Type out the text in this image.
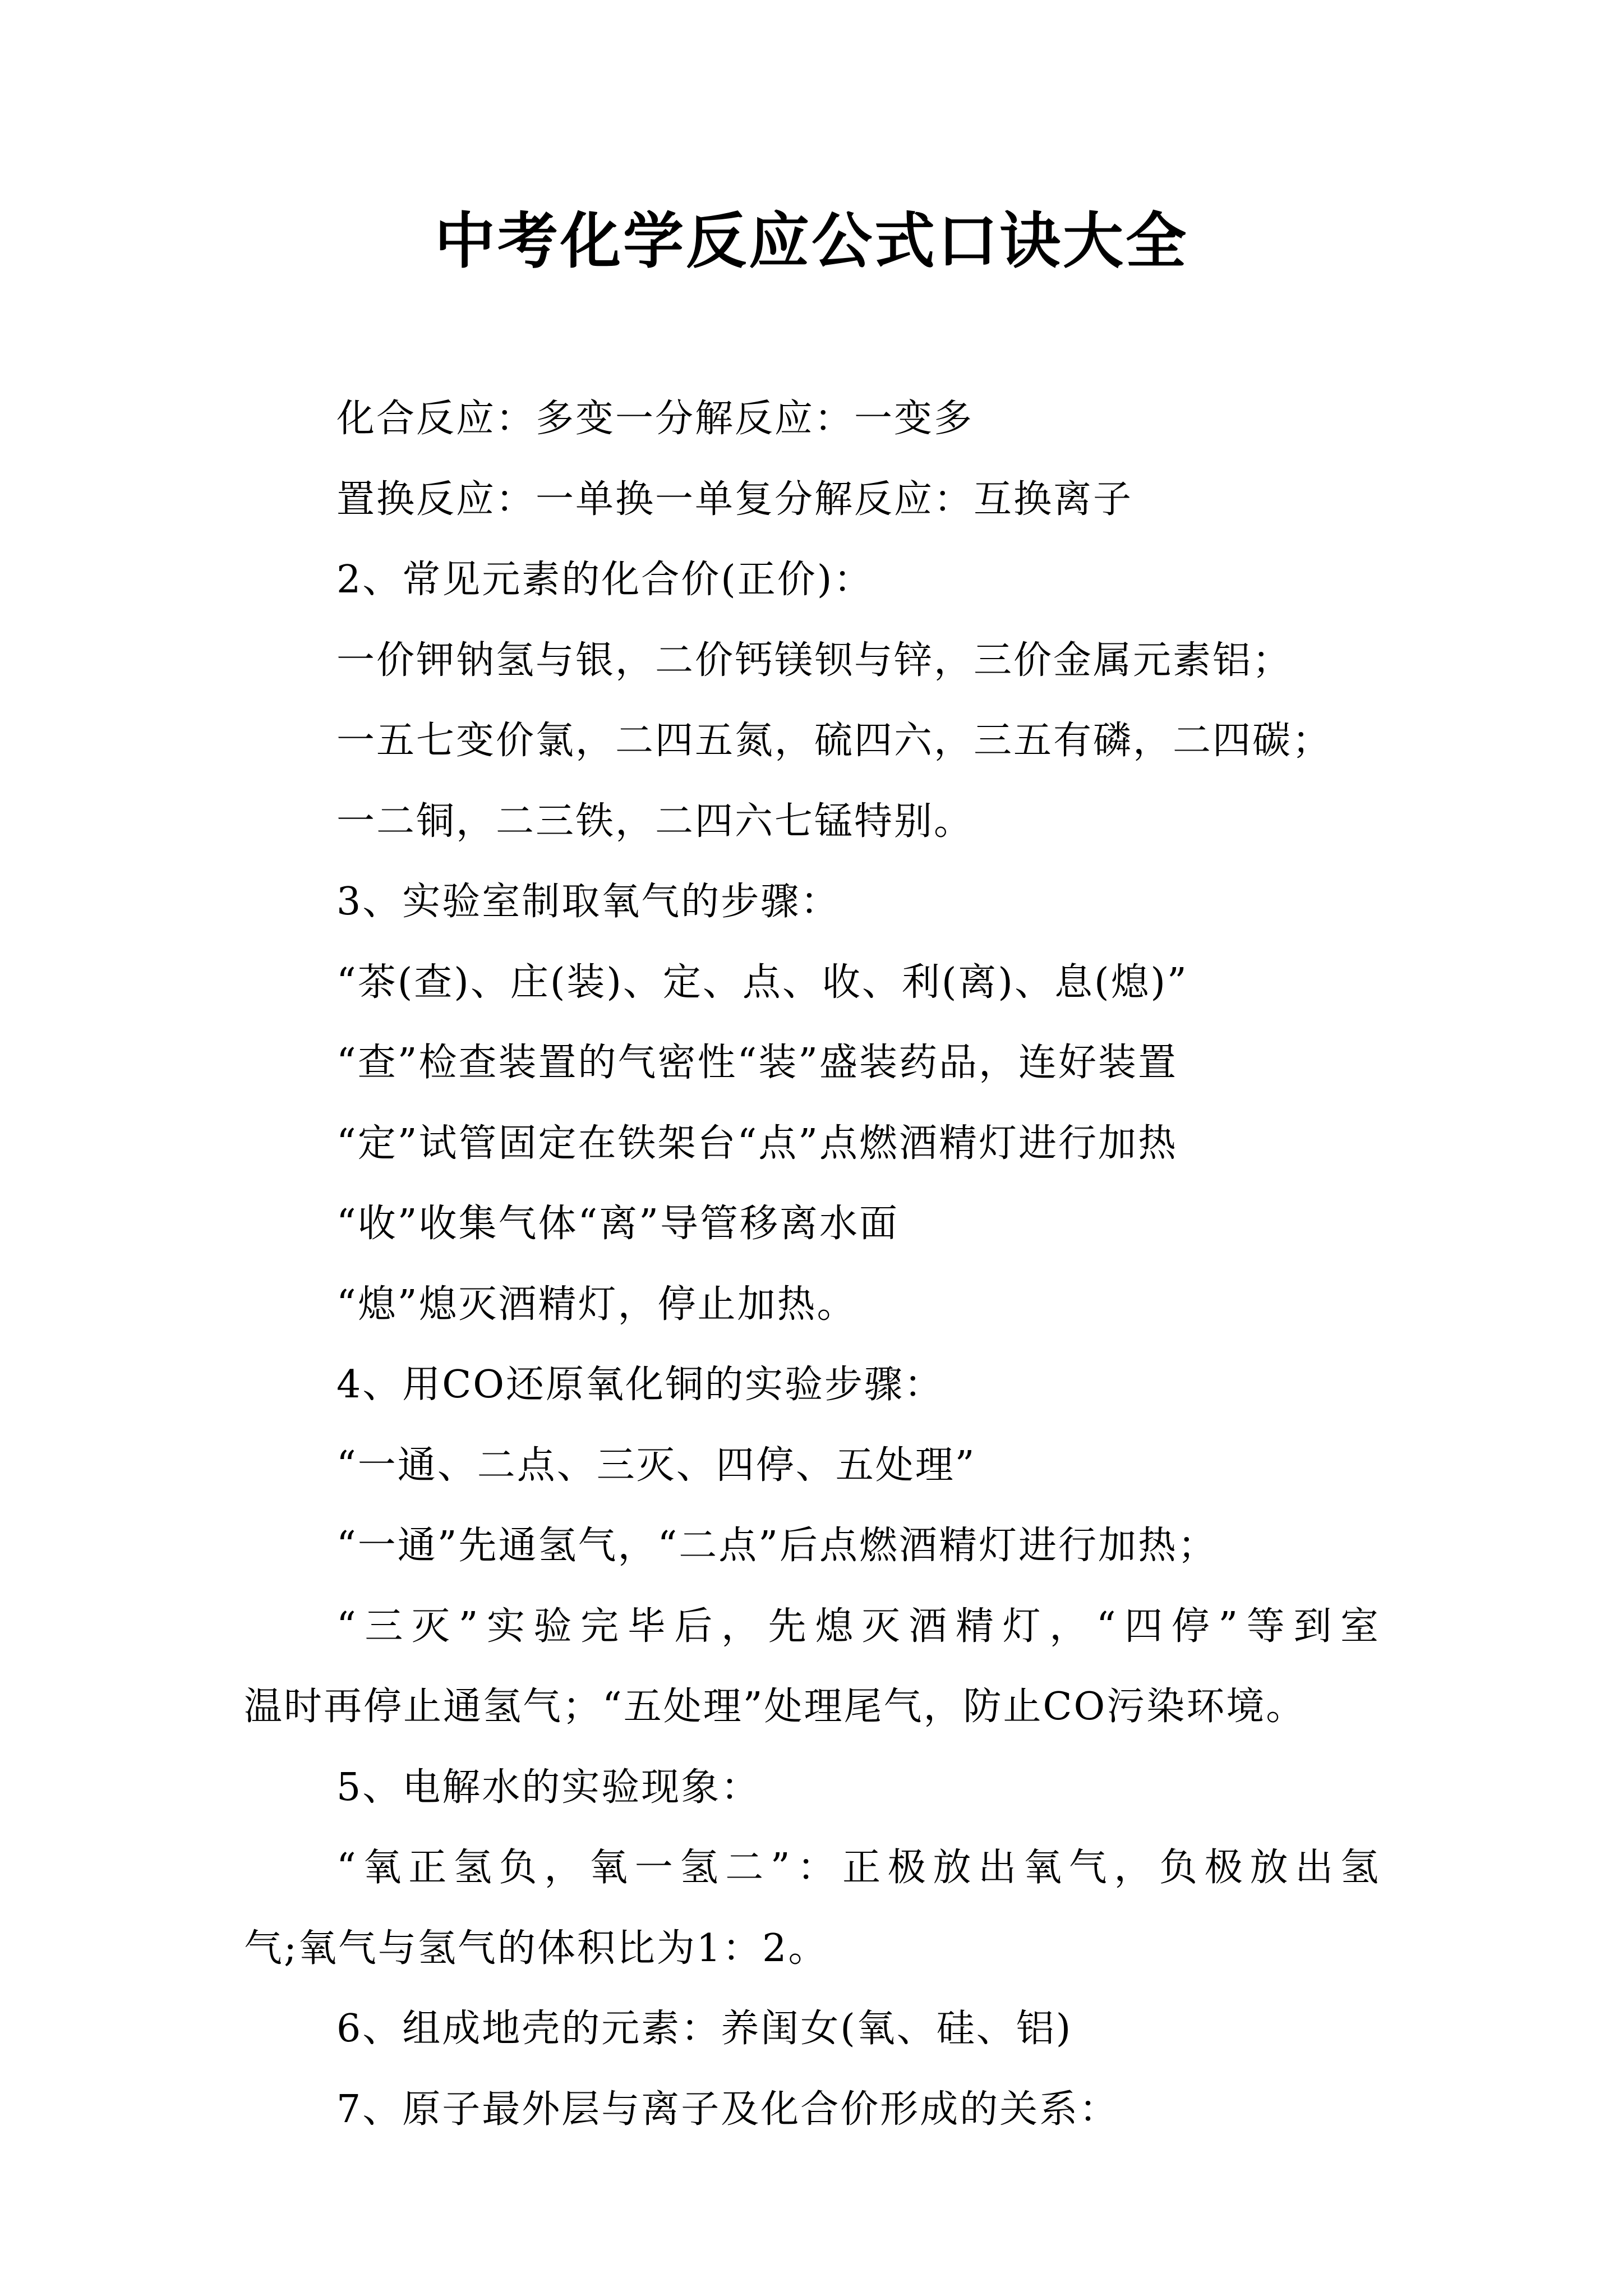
中考化学反应公式口诀大全
化合反应：多变一分解反应：一变多
置换反应：一单换一单复分解反应：互换离子
2、常见元素的化合价(正价)：
一价钾钠氢与银，二价钙镁钡与锌，三价金属元素铝；
一五七变价氯，二四五氮，硫四六，三五有磷，二四碳；
一二铜，二三铁，二四六七锰特别。
3、实验室制取氧气的步骤：
“茶(查)、庄(装)、定、点、收、利(离)、息(熄)”
“查”检查装置的气密性“装”盛装药品，连好装置
“定”试管固定在铁架台“点”点燃酒精灯进行加热
“收”收集气体“离”导管移离水面
“熄”熄灭酒精灯，停止加热。
4、用CO还原氧化铜的实验步骤：
“一通、二点、三灭、四停、五处理”
“一通”先通氢气，“二点”后点燃酒精灯进行加热；
“三灭”实验完毕后，先熄灭酒精灯，“四停”等到室
温时再停止通氢气；“五处理”处理尾气，防止CO污染环境。
5、电解水的实验现象：
“氧正氢负，氧一氢二”：正极放出氧气，负极放出氢
气;氧气与氢气的体积比为1：2。
6、组成地壳的元素：养闺女(氧、硅、铝)
7、原子最外层与离子及化合价形成的关系：
